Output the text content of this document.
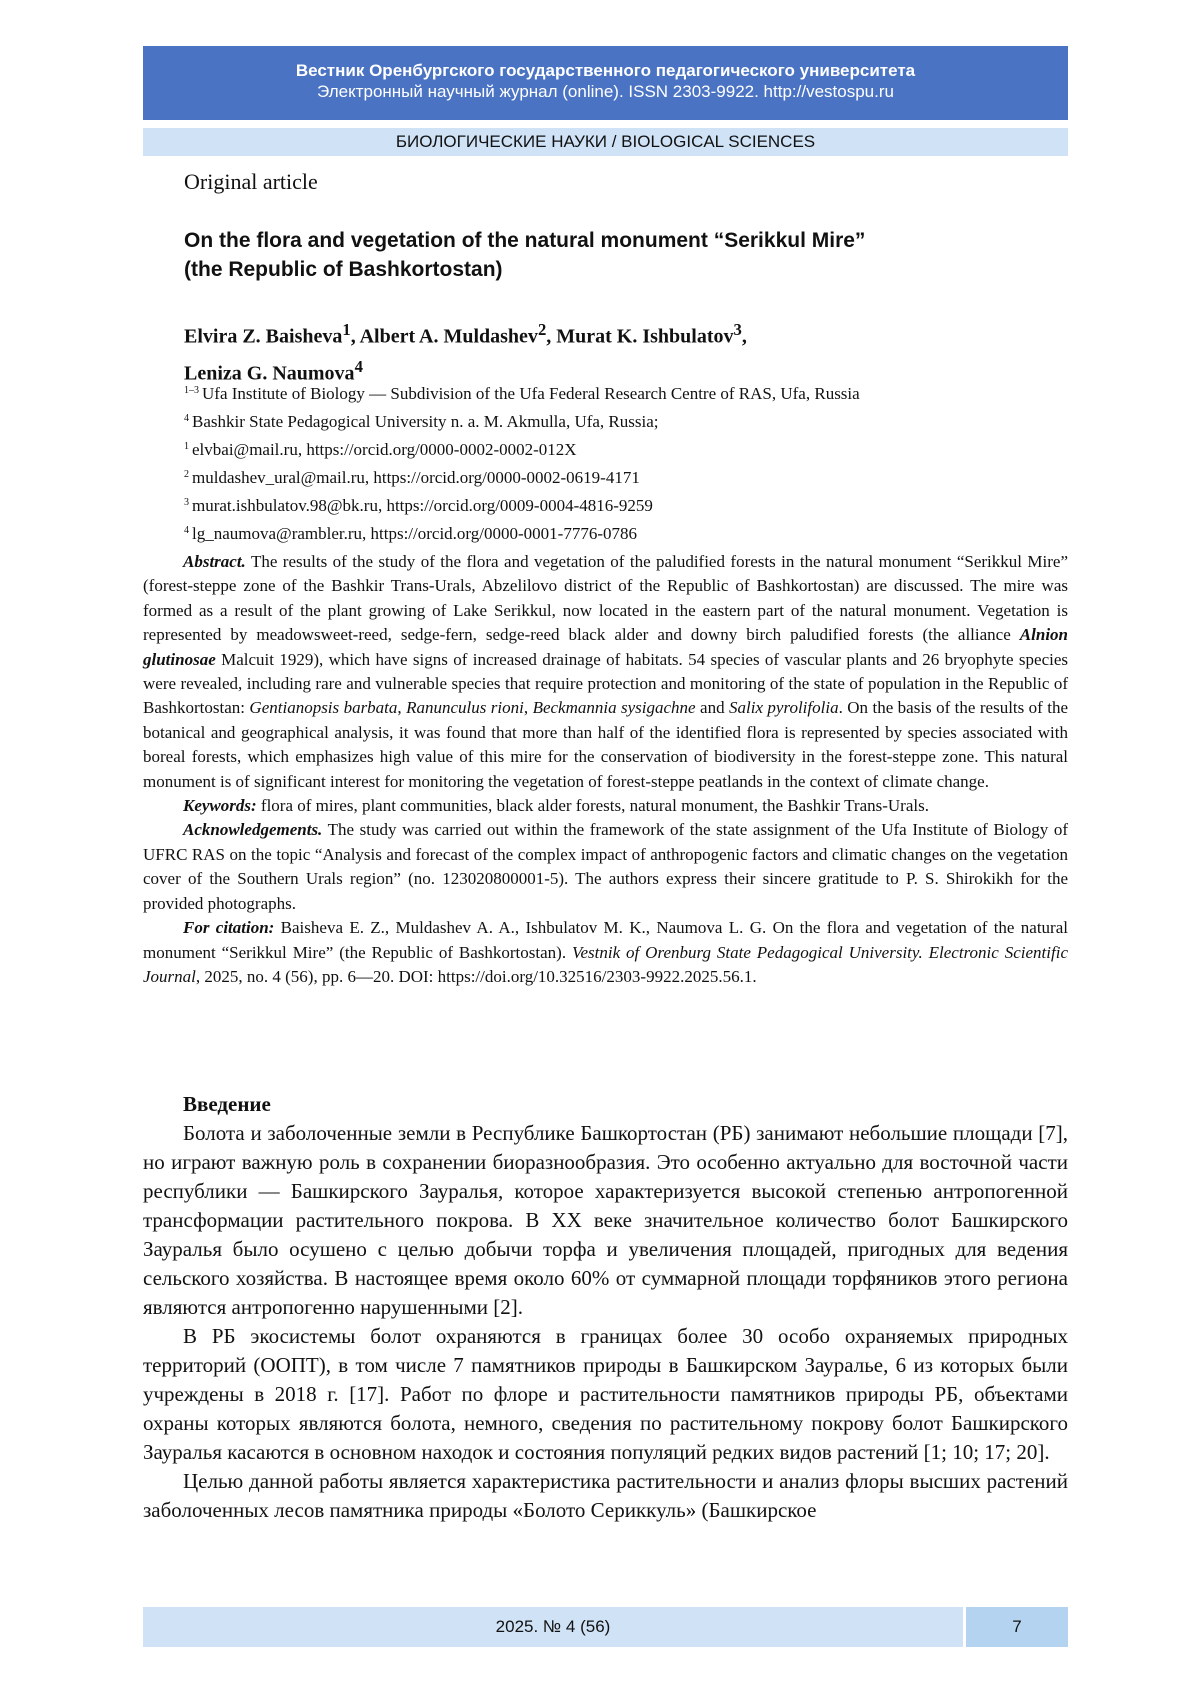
Вестник Оренбургского государственного педагогического университета
Электронный научный журнал (online). ISSN 2303-9922. http://vestospu.ru
БИОЛОГИЧЕСКИЕ НАУКИ / BIOLOGICAL SCIENCES
Original article
On the flora and vegetation of the natural monument “Serikkul Mire”
(the Republic of Bashkortostan)
Elvira Z. Baisheva$^1$, Albert A. Muldashev$^2$, Murat K. Ishbulatov$^3$,
Leniza G. Naumova$^4$
$^{1-3}$ Ufa Institute of Biology — Subdivision of the Ufa Federal Research Centre of RAS, Ufa, Russia
$^4$ Bashkir State Pedagogical University n. a. M. Akmulla, Ufa, Russia;
$^1$ elvbai@mail.ru, https://orcid.org/0000-0002-0002-012X
$^2$ muldashev_ural@mail.ru, https://orcid.org/0000-0002-0619-4171
$^3$ murat.ishbulatov.98@bk.ru, https://orcid.org/0009-0004-4816-9259
$^4$ lg_naumova@rambler.ru, https://orcid.org/0000-0001-7776-0786

Abstract. The results of the study of the flora and vegetation of the paludified forests in the natural monument “Serikkul Mire” (forest-steppe zone of the Bashkir Trans-Urals, Abzelilovo district of the Republic of Bashkortostan) are discussed. The mire was formed as a result of the plant growing of Lake Serikkul, now located in the eastern part of the natural monument. Vegetation is represented by meadowsweet-reed, sedge-fern, sedge-reed black alder and downy birch paludified forests (the alliance Alnion glutinosae Malcuit 1929), which have signs of increased drainage of habitats. 54 species of vascular plants and 26 bryophyte species were revealed, including rare and vulnerable species that require protection and monitoring of the state of population in the Republic of Bashkortostan: Gentianopsis barbata, Ranunculus rioni, Beckmannia sysigachne and Salix pyrolifolia. On the basis of the results of the botanical and geographical analysis, it was found that more than half of the identified flora is represented by species associated with boreal forests, which emphasizes high value of this mire for the conservation of biodiversity in the forest-steppe zone. This natural monument is of significant interest for monitoring the vegetation of forest-steppe peatlands in the context of climate change.

Keywords: flora of mires, plant communities, black alder forests, natural monument, the Bashkir Trans-Urals.

Acknowledgements. The study was carried out within the framework of the state assignment of the Ufa Institute of Biology of UFRC RAS on the topic “Analysis and forecast of the complex impact of anthropogenic factors and climatic changes on the vegetation cover of the Southern Urals region” (no. 123020800001-5). The authors express their sincere gratitude to P. S. Shirokikh for the provided photographs.

For citation: Baisheva E. Z., Muldashev A. A., Ishbulatov M. K., Naumova L. G. On the flora and vegetation of the natural monument “Serikkul Mire” (the Republic of Bashkortostan). Vestnik of Orenburg State Pedagogical University. Electronic Scientific Journal, 2025, no. 4 (56), pp. 6—20. DOI: https://doi.org/10.32516/2303-9922.2025.56.1.

Введение

Болота и заболоченные земли в Республике Башкортостан (РБ) занимают небольшие площади [7], но играют важную роль в сохранении биоразнообразия. Это особенно актуально для восточной части республики — Башкирского Зауралья, которое характеризуется высокой степенью антропогенной трансформации растительного покрова. В XX веке значительное количество болот Башкирского Зауралья было осушено с целью добычи торфа и увеличения площадей, пригодных для ведения сельского хозяйства. В настоящее время около 60% от суммарной площади торфяников этого региона являются антропогенно нарушенными [2].

В РБ экосистемы болот охраняются в границах более 30 особо охраняемых природных территорий (ООПТ), в том числе 7 памятников природы в Башкирском Зауралье, 6 из которых были учреждены в 2018 г. [17]. Работ по флоре и растительности памятников природы РБ, объектами охраны которых являются болота, немного, сведения по растительному покрову болот Башкирского Зауралья касаются в основном находок и состояния популяций редких видов растений [1; 10; 17; 20].

Целью данной работы является характеристика растительности и анализ флоры высших растений заболоченных лесов памятника природы «Болото Сериккуль» (Башкирское

2025. № 4 (56)	7
